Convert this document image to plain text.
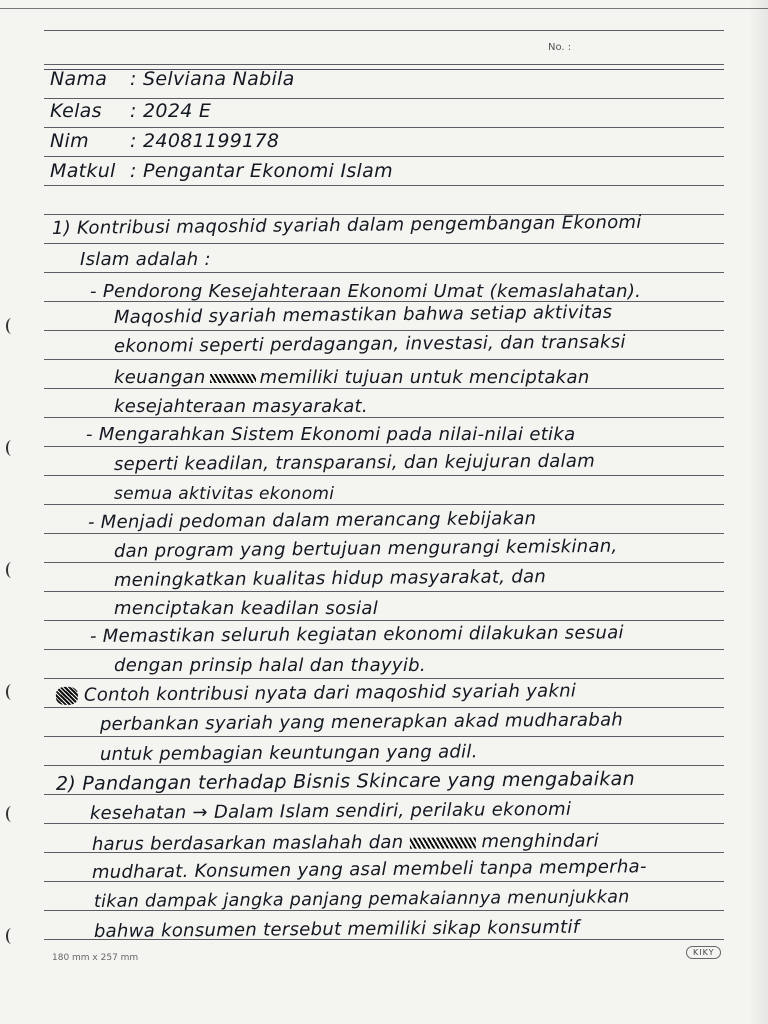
No. :
Nama : Selviana Nabila
Kelas : 2024 E
Nim : 24081199178
Matkul : Pengantar Ekonomi Islam
1) Kontribusi maqoshid syariah dalam pengembangan Ekonomi
Islam adalah :
- Pendorong Kesejahteraan Ekonomi Umat (kemaslahatan).
Maqoshid syariah memastikan bahwa setiap aktivitas
ekonomi seperti perdagangan, investasi, dan transaksi
keuangan	memiliki tujuan untuk menciptakan
kesejahteraan masyarakat.
- Mengarahkan Sistem Ekonomi pada nilai-nilai etika
seperti keadilan, transparansi, dan kejujuran dalam
semua aktivitas ekonomi
- Menjadi pedoman dalam merancang kebijakan
dan program yang bertujuan mengurangi kemiskinan,
meningkatkan kualitas hidup masyarakat, dan
menciptakan keadilan sosial
- Memastikan seluruh kegiatan ekonomi dilakukan sesuai
dengan prinsip halal dan thayyib.
Contoh kontribusi nyata dari maqoshid syariah yakni
perbankan syariah yang menerapkan akad mudharabah
untuk pembagian keuntungan yang adil.
2) Pandangan terhadap Bisnis Skincare yang mengabaikan
kesehatan → Dalam Islam sendiri, perilaku ekonomi
harus berdasarkan maslahah dan	menghindari
mudharat. Konsumen yang asal membeli tanpa memperha-
tikan dampak jangka panjang pemakaiannya menunjukkan
bahwa konsumen tersebut memiliki sikap konsumtif
180 mm x 257 mm
KIKY
